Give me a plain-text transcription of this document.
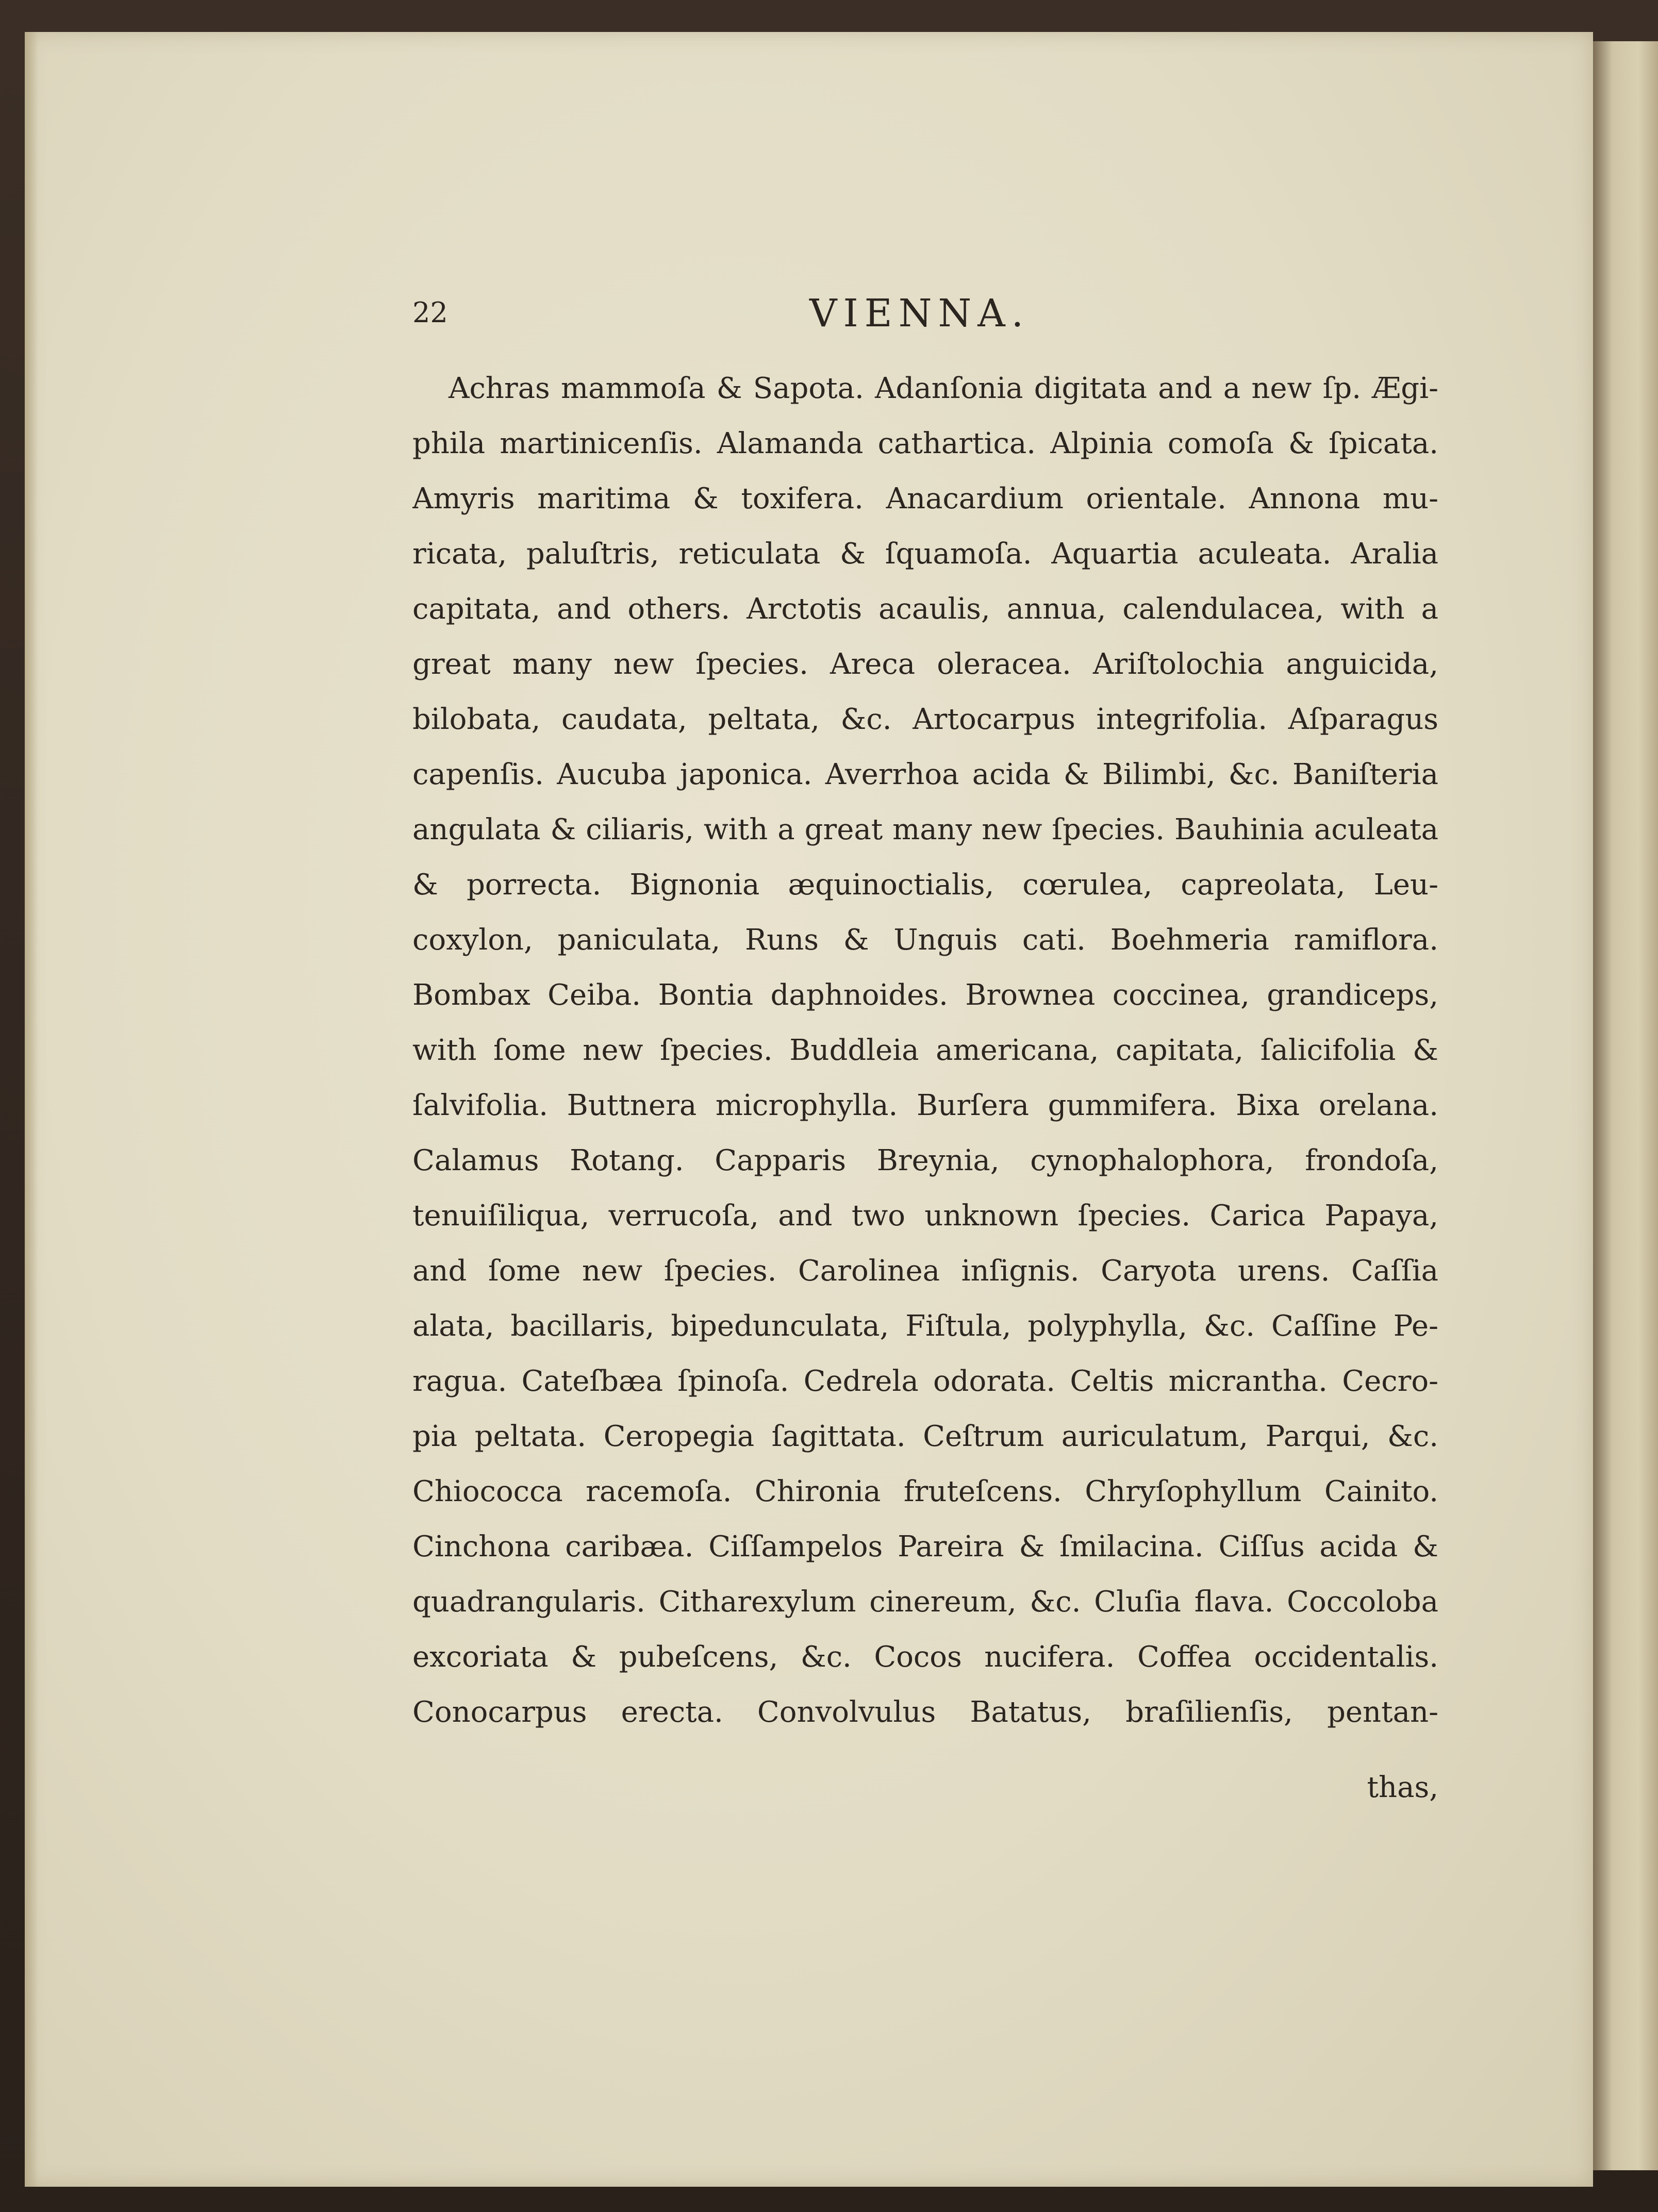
22	VIENNA.
Achras mammoſa & Sapota. Adanſonia digitata and a new ſp. Ægi-
phila martinicenſis. Alamanda cathartica. Alpinia comoſa & ſpicata.
Amyris maritima & toxifera. Anacardium orientale. Annona mu-
ricata, paluſtris, reticulata & ſquamoſa. Aquartia aculeata. Aralia
capitata, and others. Arctotis acaulis, annua, calendulacea, with a
great many new ſpecies. Areca oleracea. Ariſtolochia anguicida,
bilobata, caudata, peltata, &c. Artocarpus integrifolia. Aſparagus
capenſis. Aucuba japonica. Averrhoa acida & Bilimbi, &c. Baniſteria
angulata & ciliaris, with a great many new ſpecies. Bauhinia aculeata
& porrecta. Bignonia æquinoctialis, cœrulea, capreolata, Leu-
coxylon, paniculata, Runs & Unguis cati. Boehmeria ramiflora.
Bombax Ceiba. Bontia daphnoides. Brownea coccinea, grandiceps,
with ſome new ſpecies. Buddleia americana, capitata, ſalicifolia &
ſalvifolia. Buttnera microphylla. Burſera gummifera. Bixa orelana.
Calamus Rotang. Capparis Breynia, cynophalophora, frondoſa,
tenuiſiliqua, verrucoſa, and two unknown ſpecies. Carica Papaya,
and ſome new ſpecies. Carolinea inſignis. Caryota urens. Caſſia
alata, bacillaris, bipedunculata, Fiſtula, polyphylla, &c. Caſſine Pe-
ragua. Cateſbæa ſpinoſa. Cedrela odorata. Celtis micrantha. Cecro-
pia peltata. Ceropegia ſagittata. Ceſtrum auriculatum, Parqui, &c.
Chiococca racemoſa. Chironia fruteſcens. Chryſophyllum Cainito.
Cinchona caribæa. Ciſſampelos Pareira & ſmilacina. Ciſſus acida &
quadrangularis. Citharexylum cinereum, &c. Cluſia flava. Coccoloba
excoriata & pubeſcens, &c. Cocos nucifera. Coffea occidentalis.
Conocarpus erecta. Convolvulus Batatus, braſilienſis, pentan-
thas,
